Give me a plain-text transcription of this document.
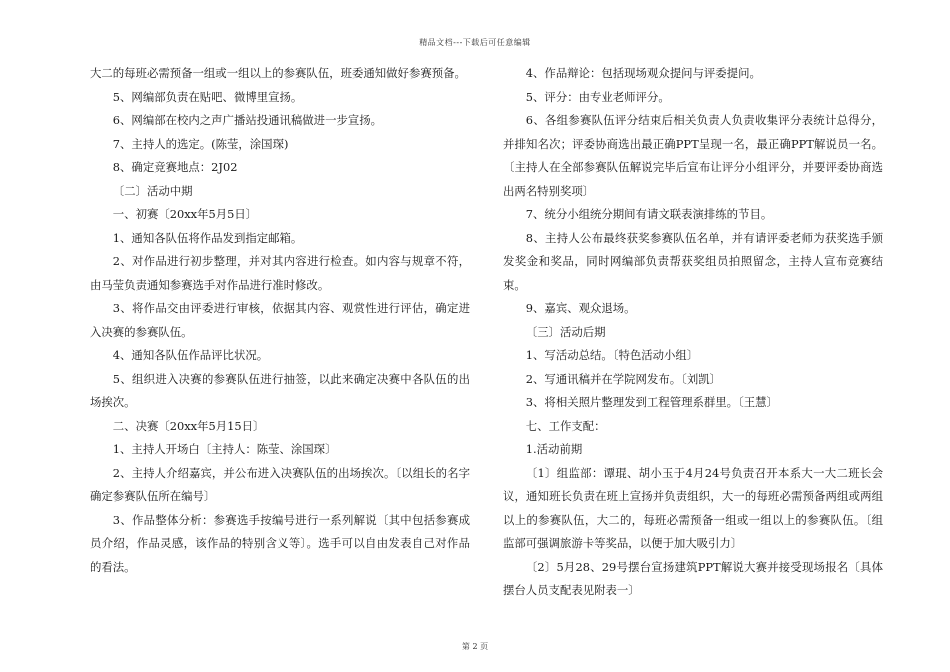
精品文档---下载后可任意编辑

大二的每班必需预备一组或一组以上的参赛队伍，班委通知做好参赛预备。

5、网编部负责在贴吧、微博里宣扬。

6、网编部在校内之声广播站投通讯稿做进一步宣扬。

7、主持人的选定。(陈莹，涂国琛)

8、确定竞赛地点：2J02

〔二〕活动中期

一、初赛〔20xx年5月5日〕

1、通知各队伍将作品发到指定邮箱。

2、对作品进行初步整理，并对其内容进行检查。如内容与规章不符，由马莹负责通知参赛选手对作品进行准时修改。

3、将作品交由评委进行审核，依据其内容、观赏性进行评估，确定进入决赛的参赛队伍。

4、通知各队伍作品评比状况。

5、组织进入决赛的参赛队伍进行抽签，以此来确定决赛中各队伍的出场挨次。

二、决赛〔20xx年5月15日〕

1、主持人开场白〔主持人：陈莹、涂国琛〕

2、主持人介绍嘉宾，并公布进入决赛队伍的出场挨次。〔以组长的名字确定参赛队伍所在编号〕

3、作品整体分析：参赛选手按编号进行一系列解说〔其中包括参赛成员介绍，作品灵感，该作品的特别含义等〕。选手可以自由发表自己对作品的看法。

4、作品辩论：包括现场观众提问与评委提问。

5、评分：由专业老师评分。

6、各组参赛队伍评分结束后相关负责人负责收集评分表统计总得分，并排知名次；评委协商选出最正确PPT呈现一名，最正确PPT解说员一名。〔主持人在全部参赛队伍解说完毕后宣布让评分小组评分，并要评委协商选出两名特别奖项〕

7、统分小组统分期间有请文联表演排练的节目。

8、主持人公布最终获奖参赛队伍名单，并有请评委老师为获奖选手颁发奖金和奖品，同时网编部负责帮获奖组员拍照留念，主持人宣布竞赛结束。

9、嘉宾、观众退场。

〔三〕活动后期

1、写活动总结。〔特色活动小组〕

2、写通讯稿并在学院网发布。〔刘凯〕

3、将相关照片整理发到工程管理系群里。〔王慧〕

七、工作支配：

1.活动前期

〔1〕组监部：谭琨、胡小玉于4月24号负责召开本系大一大二班长会议，通知班长负责在班上宣扬并负责组织，大一的每班必需预备两组或两组以上的参赛队伍，大二的，每班必需预备一组或一组以上的参赛队伍。〔组监部可强调旅游卡等奖品，以便于加大吸引力〕

〔2〕5月28、29号摆台宣扬建筑PPT解说大赛并接受现场报名〔具体摆台人员支配表见附表一〕

第 2 页
